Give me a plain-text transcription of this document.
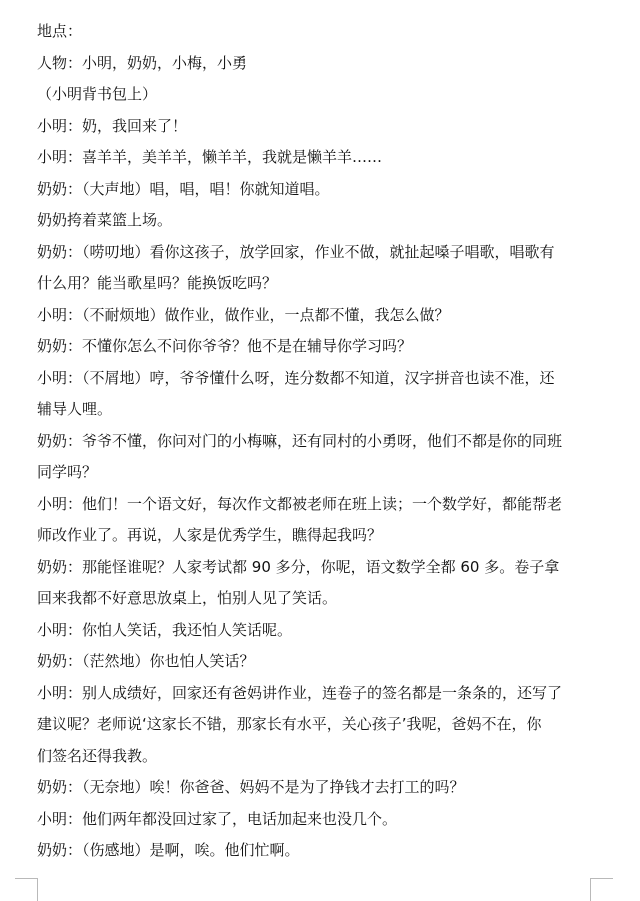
地点：

人物：小明，奶奶，小梅，小勇

（小明背书包上）

小明：奶，我回来了！

小明：喜羊羊，美羊羊，懒羊羊，我就是懒羊羊……

奶奶：（大声地）唱，唱，唱！你就知道唱。

奶奶挎着菜篮上场。

奶奶：（唠叨地）看你这孩子，放学回家，作业不做，就扯起嗓子唱歌，唱歌有

什么用？能当歌星吗？能换饭吃吗？

小明：（不耐烦地）做作业，做作业，一点都不懂，我怎么做？

奶奶：不懂你怎么不问你爷爷？他不是在辅导你学习吗？

小明：（不屑地）哼，爷爷懂什么呀，连分数都不知道，汉字拼音也读不准，还

辅导人哩。

奶奶：爷爷不懂，你问对门的小梅嘛，还有同村的小勇呀，他们不都是你的同班

同学吗？

小明：他们！一个语文好，每次作文都被老师在班上读；一个数学好，都能帮老

师改作业了。再说，人家是优秀学生，瞧得起我吗？

奶奶：那能怪谁呢？人家考试都 90 多分，你呢，语文数学全都 60 多。卷子拿

回来我都不好意思放桌上，怕别人见了笑话。

小明：你怕人笑话，我还怕人笑话呢。

奶奶：（茫然地）你也怕人笑话？

小明：别人成绩好，回家还有爸妈讲作业，连卷子的签名都是一条条的，还写了

建议呢？老师说‘这家长不错，那家长有水平，关心孩子’我呢，爸妈不在，你

们签名还得我教。

奶奶：（无奈地）唉！你爸爸、妈妈不是为了挣钱才去打工的吗？

小明：他们两年都没回过家了，电话加起来也没几个。

奶奶：（伤感地）是啊，唉。他们忙啊。
